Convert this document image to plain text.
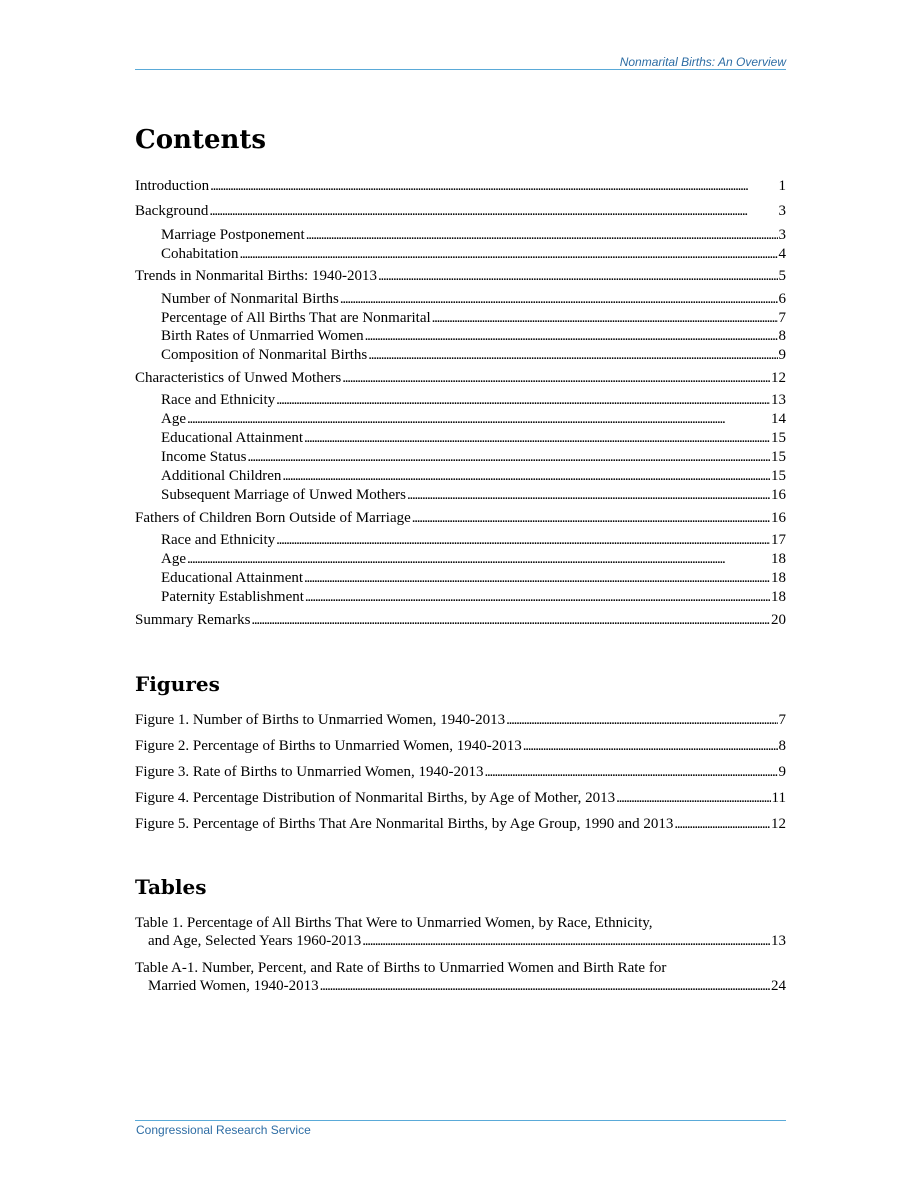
Nonmarital Births: An Overview
Contents
Introduction . . .	1
Background . . .	3
Marriage Postponement . . .	3
Cohabitation . . .	4
Trends in Nonmarital Births: 1940-2013 . . .	5
Number of Nonmarital Births . . .	6
Percentage of All Births That are Nonmarital . . .	7
Birth Rates of Unmarried Women . . .	8
Composition of Nonmarital Births . . .	9
Characteristics of Unwed Mothers . . .	12
Race and Ethnicity . . .	13
Age . . .	14
Educational Attainment . . .	15
Income Status . . .	15
Additional Children . . .	15
Subsequent Marriage of Unwed Mothers . . .	16
Fathers of Children Born Outside of Marriage . . .	16
Race and Ethnicity . . .	17
Age . . .	18
Educational Attainment . . .	18
Paternity Establishment . . .	18
Summary Remarks . . .	20
Figures
Figure 1. Number of Births to Unmarried Women, 1940-2013 . . .	7
Figure 2. Percentage of Births to Unmarried Women, 1940-2013 . . .	8
Figure 3. Rate of Births to Unmarried Women, 1940-2013 . . .	9
Figure 4. Percentage Distribution of Nonmarital Births, by Age of Mother, 2013 . . .	11
Figure 5. Percentage of Births That Are Nonmarital Births, by Age Group, 1990 and 2013 . . .	12
Tables
Table 1. Percentage of All Births That Were to Unmarried Women, by Race, Ethnicity,
and Age, Selected Years 1960-2013 . . .	13
Table A-1. Number, Percent, and Rate of Births to Unmarried Women and Birth Rate for
Married Women, 1940-2013 . . .	24
Congressional Research Service
